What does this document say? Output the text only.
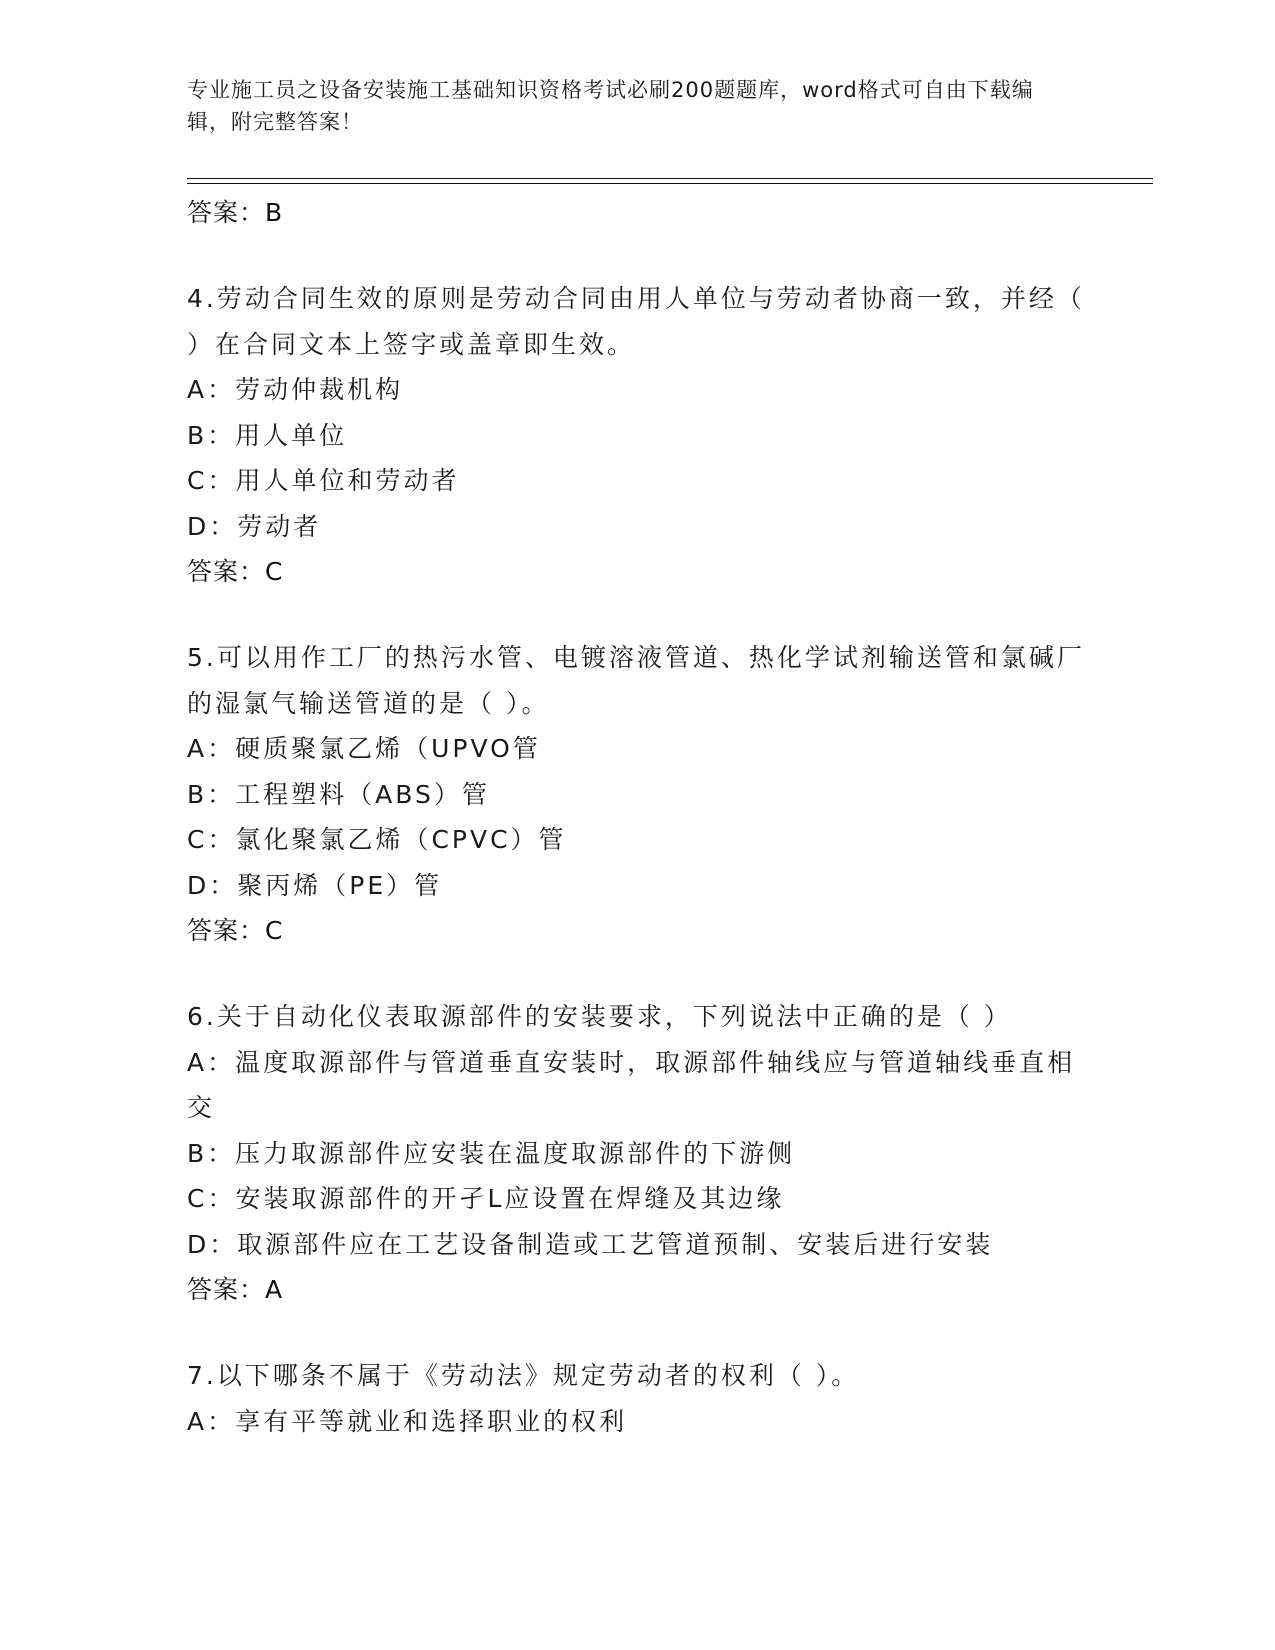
专业施工员之设备安装施工基础知识资格考试必刷200题题库，word格式可自由下载编辑，附完整答案！
答案：B
4.劳动合同生效的原则是劳动合同由用人单位与劳动者协商一致，并经（ ）在合同文本上签字或盖章即生效。
A：劳动仲裁机构
B：用人单位
C：用人单位和劳动者
D：劳动者
答案：C
5.可以用作工厂的热污水管、电镀溶液管道、热化学试剂输送管和氯碱厂的湿氯气输送管道的是（ ）。
A：硬质聚氯乙烯（UPVO管
B：工程塑料（ABS）管
C：氯化聚氯乙烯（CPVC）管
D：聚丙烯（PE）管
答案：C
6.关于自动化仪表取源部件的安装要求，下列说法中正确的是（ ）
A：温度取源部件与管道垂直安装时，取源部件轴线应与管道轴线垂直相交
B：压力取源部件应安装在温度取源部件的下游侧
C：安装取源部件的开孑L应设置在焊缝及其边缘
D：取源部件应在工艺设备制造或工艺管道预制、安装后进行安装
答案：A
7.以下哪条不属于《劳动法》规定劳动者的权利（ ）。
A：享有平等就业和选择职业的权利
